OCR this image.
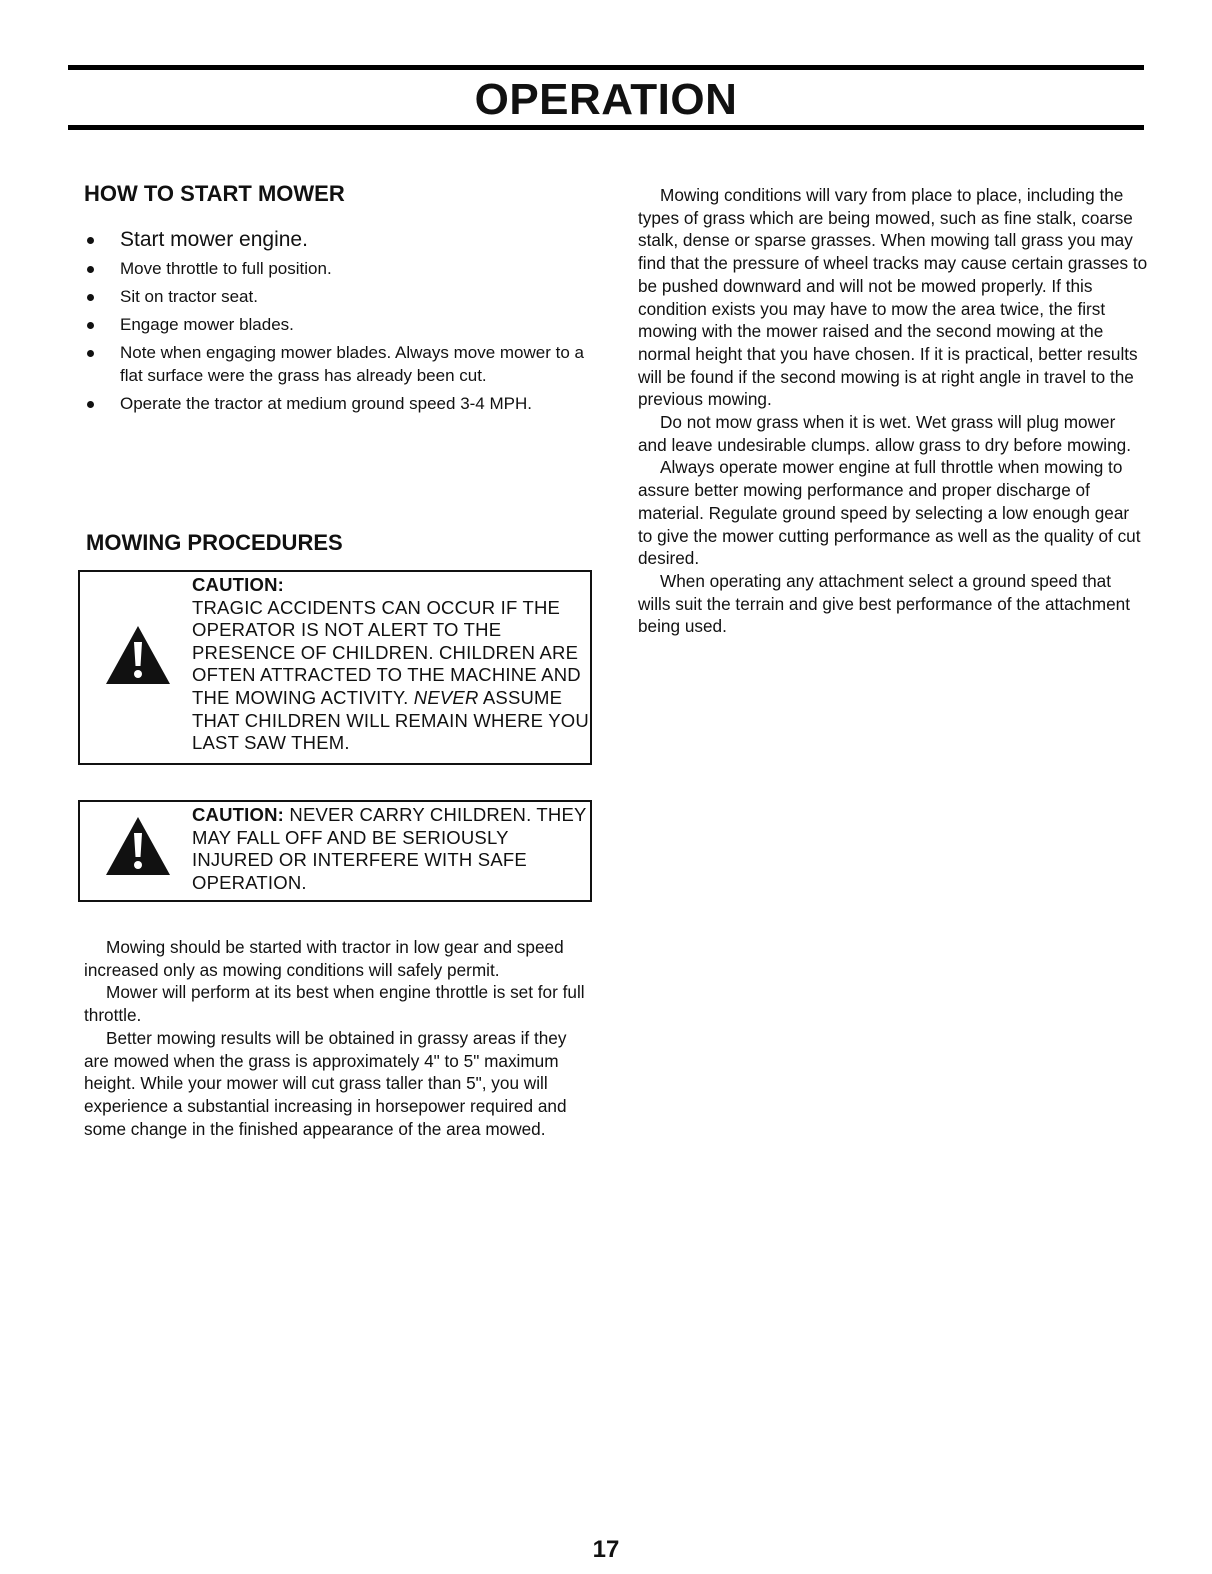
OPERATION
HOW TO START MOWER
Start mower engine.
Move throttle to full position.
Sit on tractor seat.
Engage mower blades.
Note when engaging mower blades. Always move mower to a flat surface were the grass has already been cut.
Operate the tractor at medium ground speed 3-4 MPH.
MOWING PROCEDURES
CAUTION:
TRAGIC ACCIDENTS CAN OCCUR IF THE OPERATOR IS NOT ALERT TO THE PRESENCE OF CHILDREN. CHILDREN ARE OFTEN ATTRACTED TO THE MACHINE AND THE MOWING ACTIVITY. NEVER ASSUME THAT CHILDREN WILL REMAIN WHERE YOU LAST SAW THEM.
CAUTION: NEVER CARRY CHILDREN. THEY MAY FALL OFF AND BE SERIOUSLY INJURED OR INTERFERE WITH SAFE OPERATION.

Mowing should be started with tractor in low gear and speed increased only as mowing conditions will safely permit.

Mower will perform at its best when engine throttle is set for full throttle.

Better mowing results will be obtained in grassy areas if they are mowed when the grass is approximately 4" to 5" maximum height. While your mower will cut grass taller than 5", you will experience a substantial increasing in horsepower required and some change in the finished appearance of the area mowed.

Mowing conditions will vary from place to place, including the types of grass which are being mowed, such as fine stalk, coarse stalk, dense or sparse grasses. When mowing tall grass you may find that the pressure of wheel tracks may cause certain grasses to be pushed downward and will not be mowed properly. If this condition exists you may have to mow the area twice, the first mowing with the mower raised and the second mowing at the normal height that you have chosen. If it is practical, better results will be found if the second mowing is at right angle in travel to the previous mowing.

Do not mow grass when it is wet. Wet grass will plug mower and leave undesirable clumps. allow grass to dry before mowing.

Always operate mower engine at full throttle when mowing to assure better mowing performance and proper discharge of material. Regulate ground speed by selecting a low enough gear to give the mower cutting performance as well as the quality of cut desired.

When operating any attachment select a ground speed that wills suit the terrain and give best performance of the attachment being used.

17
